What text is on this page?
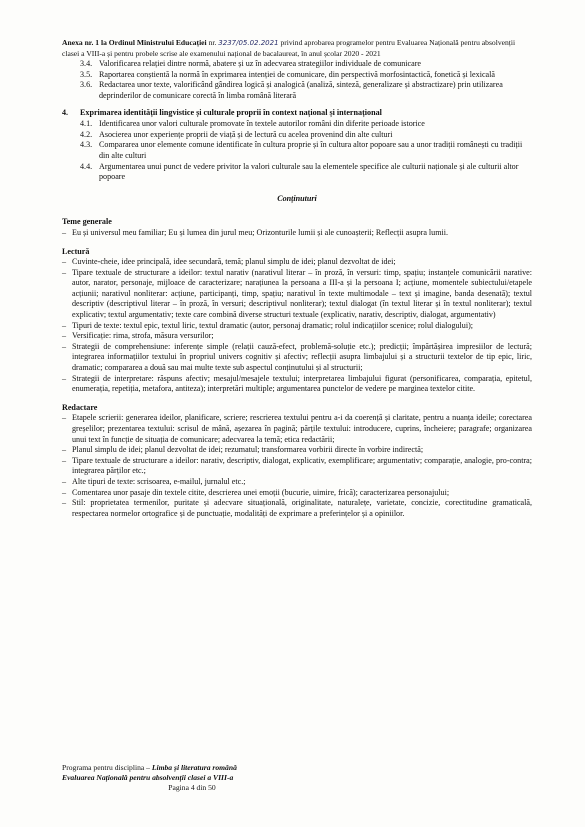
Anexa nr. 1 la Ordinul Ministrului Educației nr. 3237/05.02.2021 privind aprobarea programelor pentru Evaluarea Națională pentru absolvenții clasei a VIII-a și pentru probele scrise ale examenului național de bacalaureat, în anul școlar 2020 - 2021
3.4. Valorificarea relației dintre normă, abatere și uz în adecvarea strategiilor individuale de comunicare
3.5. Raportarea conștientă la normă în exprimarea intenției de comunicare, din perspectivă morfosintactică, fonetică și lexicală
3.6. Redactarea unor texte, valorificând gândirea logică și analogică (analiză, sinteză, generalizare și abstractizare) prin utilizarea deprinderilor de comunicare corectă în limba română literară
4.	Exprimarea identității lingvistice și culturale proprii în context național și internațional
4.1. Identificarea unor valori culturale promovate în textele autorilor români din diferite perioade istorice
4.2. Asocierea unor experiențe proprii de viață și de lectură cu acelea provenind din alte culturi
4.3. Compararea unor elemente comune identificate în cultura proprie și în cultura altor popoare sau a unor tradiții românești cu tradiții din alte culturi
4.4. Argumentarea unui punct de vedere privitor la valori culturale sau la elementele specifice ale culturii naționale și ale culturii altor popoare
Conținuturi
Teme generale
– Eu și universul meu familiar; Eu și lumea din jurul meu; Orizonturile lumii și ale cunoașterii; Reflecții asupra lumii.
Lectură
– Cuvinte-cheie, idee principală, idee secundară, temă; planul simplu de idei; planul dezvoltat de idei;
– Tipare textuale de structurare a ideilor: textul narativ (narativul literar – în proză, în versuri: timp, spațiu; instanțele comunicării narative: autor, narator, personaje, mijloace de caracterizare; narațiunea la persoana a III-a și la persoana I; acțiune, momentele subiectului/etapele acțiunii; narativul nonliterar: acțiune, participanți, timp, spațiu; narativul în texte multimodale – text și imagine, banda desenată); textul descriptiv (descriptivul literar – în proză, în versuri; descriptivul nonliterar); textul dialogat (în textul literar și în textul nonliterar); textul explicativ; textul argumentativ; texte care combină diverse structuri textuale (explicativ, narativ, descriptiv, dialogat, argumentativ)
– Tipuri de texte: textul epic, textul liric, textul dramatic (autor, personaj dramatic; rolul indicațiilor scenice; rolul dialogului);
– Versificație: rima, strofa, măsura versurilor;
– Strategii de comprehensiune: inferențe simple (relații cauză-efect, problemă-soluție etc.); predicții; împărtășirea impresiilor de lectură; integrarea informațiilor textului în propriul univers cognitiv și afectiv; reflecții asupra limbajului și a structurii textelor de tip epic, liric, dramatic; compararea a două sau mai multe texte sub aspectul conținutului și al structurii;
– Strategii de interpretare: răspuns afectiv; mesajul/mesajele textului; interpretarea limbajului figurat (personificarea, comparația, epitetul, enumerația, repetiția, metafora, antiteza); interpretări multiple; argumentarea punctelor de vedere pe marginea textelor citite.
Redactare
– Etapele scrierii: generarea ideilor, planificare, scriere; rescrierea textului pentru a-i da coerență și claritate, pentru a nuanța ideile; corectarea greșelilor; prezentarea textului: scrisul de mână, așezarea în pagină; părțile textului: introducere, cuprins, încheiere; paragrafe; organizarea unui text în funcție de situația de comunicare; adecvarea la temă; etica redactării;
– Planul simplu de idei; planul dezvoltat de idei; rezumatul; transformarea vorbirii directe în vorbire indirectă;
– Tipare textuale de structurare a ideilor: narativ, descriptiv, dialogat, explicativ, exemplificare; argumentativ; comparație, analogie, pro-contra; integrarea părților etc.;
– Alte tipuri de texte: scrisoarea, e-mailul, jurnalul etc.;
– Comentarea unor pasaje din textele citite, descrierea unei emoții (bucurie, uimire, frică); caracterizarea personajului;
– Stil: proprietatea termenilor, puritate și adecvare situațională, originalitate, naturalețe, varietate, concizie, corectitudine gramaticală, respectarea normelor ortografice și de punctuație, modalități de exprimare a preferințelor și a opiniilor.
Programa pentru disciplina – Limba și literatura română
Evaluarea Națională pentru absolvenții clasei a VIII-a
Pagina 4 din 50
